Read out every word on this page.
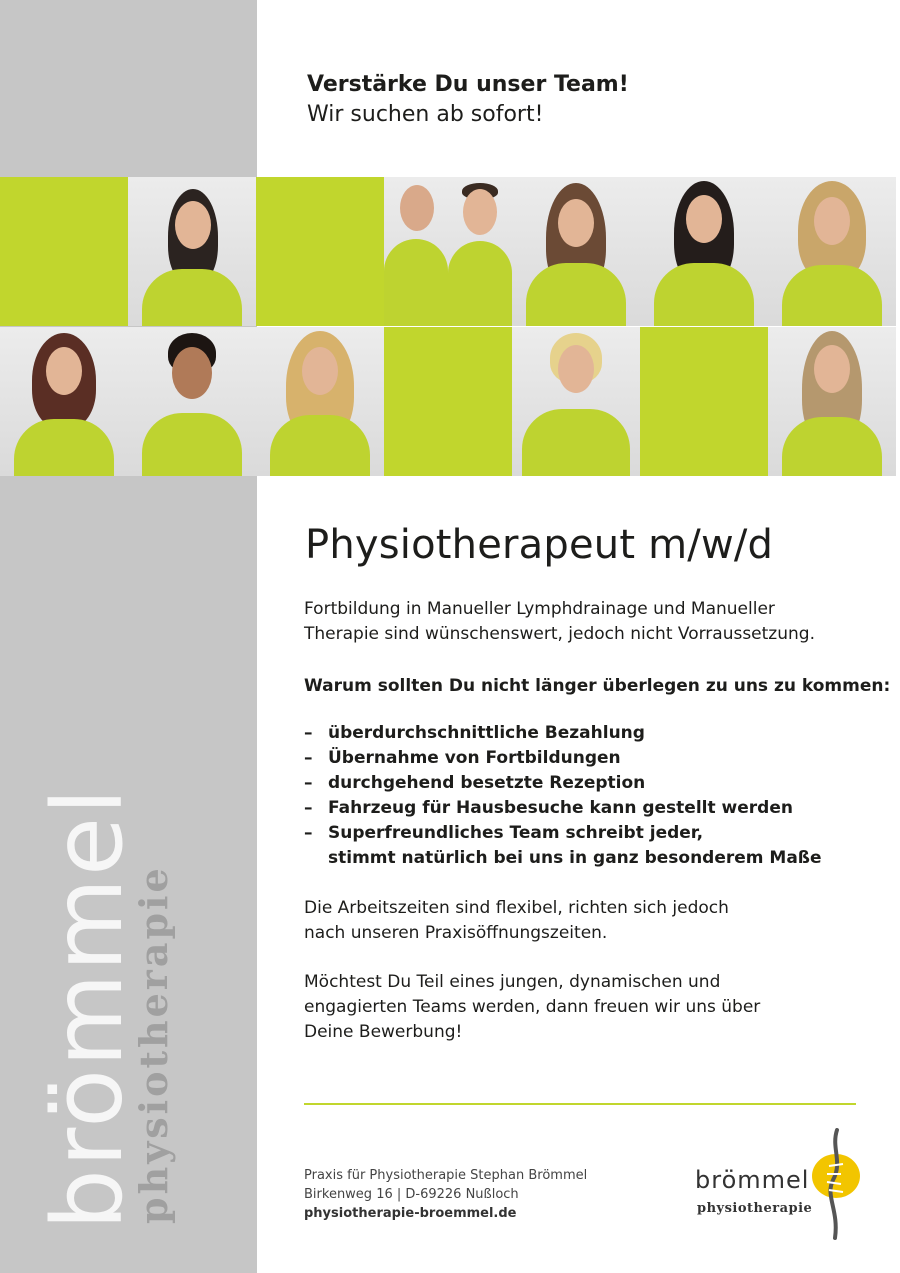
Verstärke Du unser Team!
Wir suchen ab sofort!
Physiotherapeut m/w/d
Fortbildung in Manueller Lymphdrainage und Manueller
Therapie sind wünschenswert, jedoch nicht Vorraussetzung.
Warum sollten Du nicht länger überlegen zu uns zu kommen:
– überdurchschnittliche Bezahlung
– Übernahme von Fortbildungen
– durchgehend besetzte Rezeption
– Fahrzeug für Hausbesuche kann gestellt werden
– Superfreundliches Team schreibt jeder,
stimmt natürlich bei uns in ganz besonderem Maße
Die Arbeitszeiten sind flexibel, richten sich jedoch
nach unseren Praxisöffnungszeiten.
Möchtest Du Teil eines jungen, dynamischen und
engagierten Teams werden, dann freuen wir uns über
Deine Bewerbung!
Praxis für Physiotherapie Stephan Brömmel
Birkenweg 16 | D-69226 Nußloch
physiotherapie-broemmel.de
brömmel
physiotherapie	brömmel
physiotherapie
